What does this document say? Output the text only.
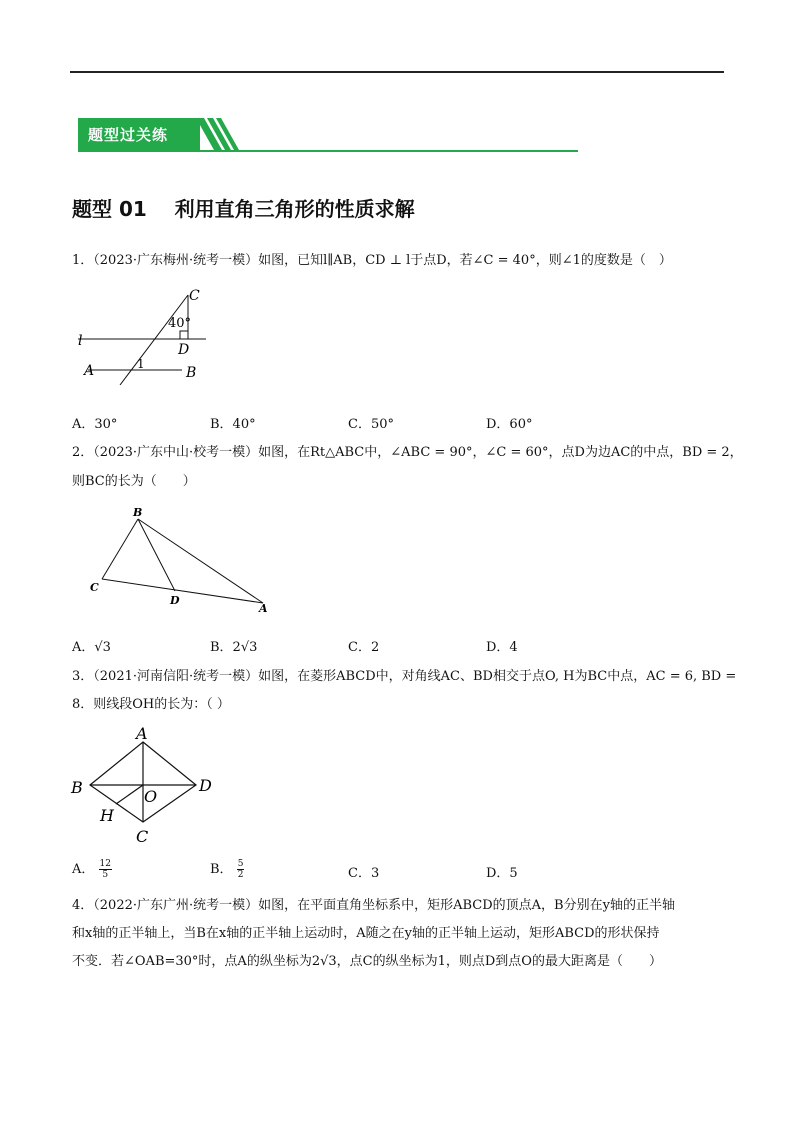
题型过关练
题型 01    利用直角三角形的性质求解
1．（2023·广东梅州·统考一模）如图，已知l∥AB，CD ⊥ l于点D，若∠C = 40°，则∠1的度数是（　）
C
40°
l
D
A	B
1
A．30°	B．40°	C．50°	D．60°
2．（2023·广东中山·校考一模）如图，在Rt△ABC中，∠ABC = 90°，∠C = 60°，点D为边AC的中点，BD = 2，
则BC的长为（　　）
B
C
D
A
A．√3	B．2√3	C．2	D．4
3．（2021·河南信阳·统考一模）如图，在菱形ABCD中，对角线AC、BD相交于点O, H为BC中点，AC = 6, BD =
8．则线段OH的长为：（ ）
A
B	D
O
H
C
A． $\frac{12}{5}$	B． $\frac{5}{2}$	C．3	D．5
4．（2022·广东广州·统考一模）如图，在平面直角坐标系中，矩形ABCD的顶点A，B分别在y轴的正半轴
和x轴的正半轴上，当B在x轴的正半轴上运动时，A随之在y轴的正半轴上运动，矩形ABCD的形状保持
不变．若∠OAB=30°时，点A的纵坐标为2√3，点C的纵坐标为1，则点D到点O的最大距离是（　　）
